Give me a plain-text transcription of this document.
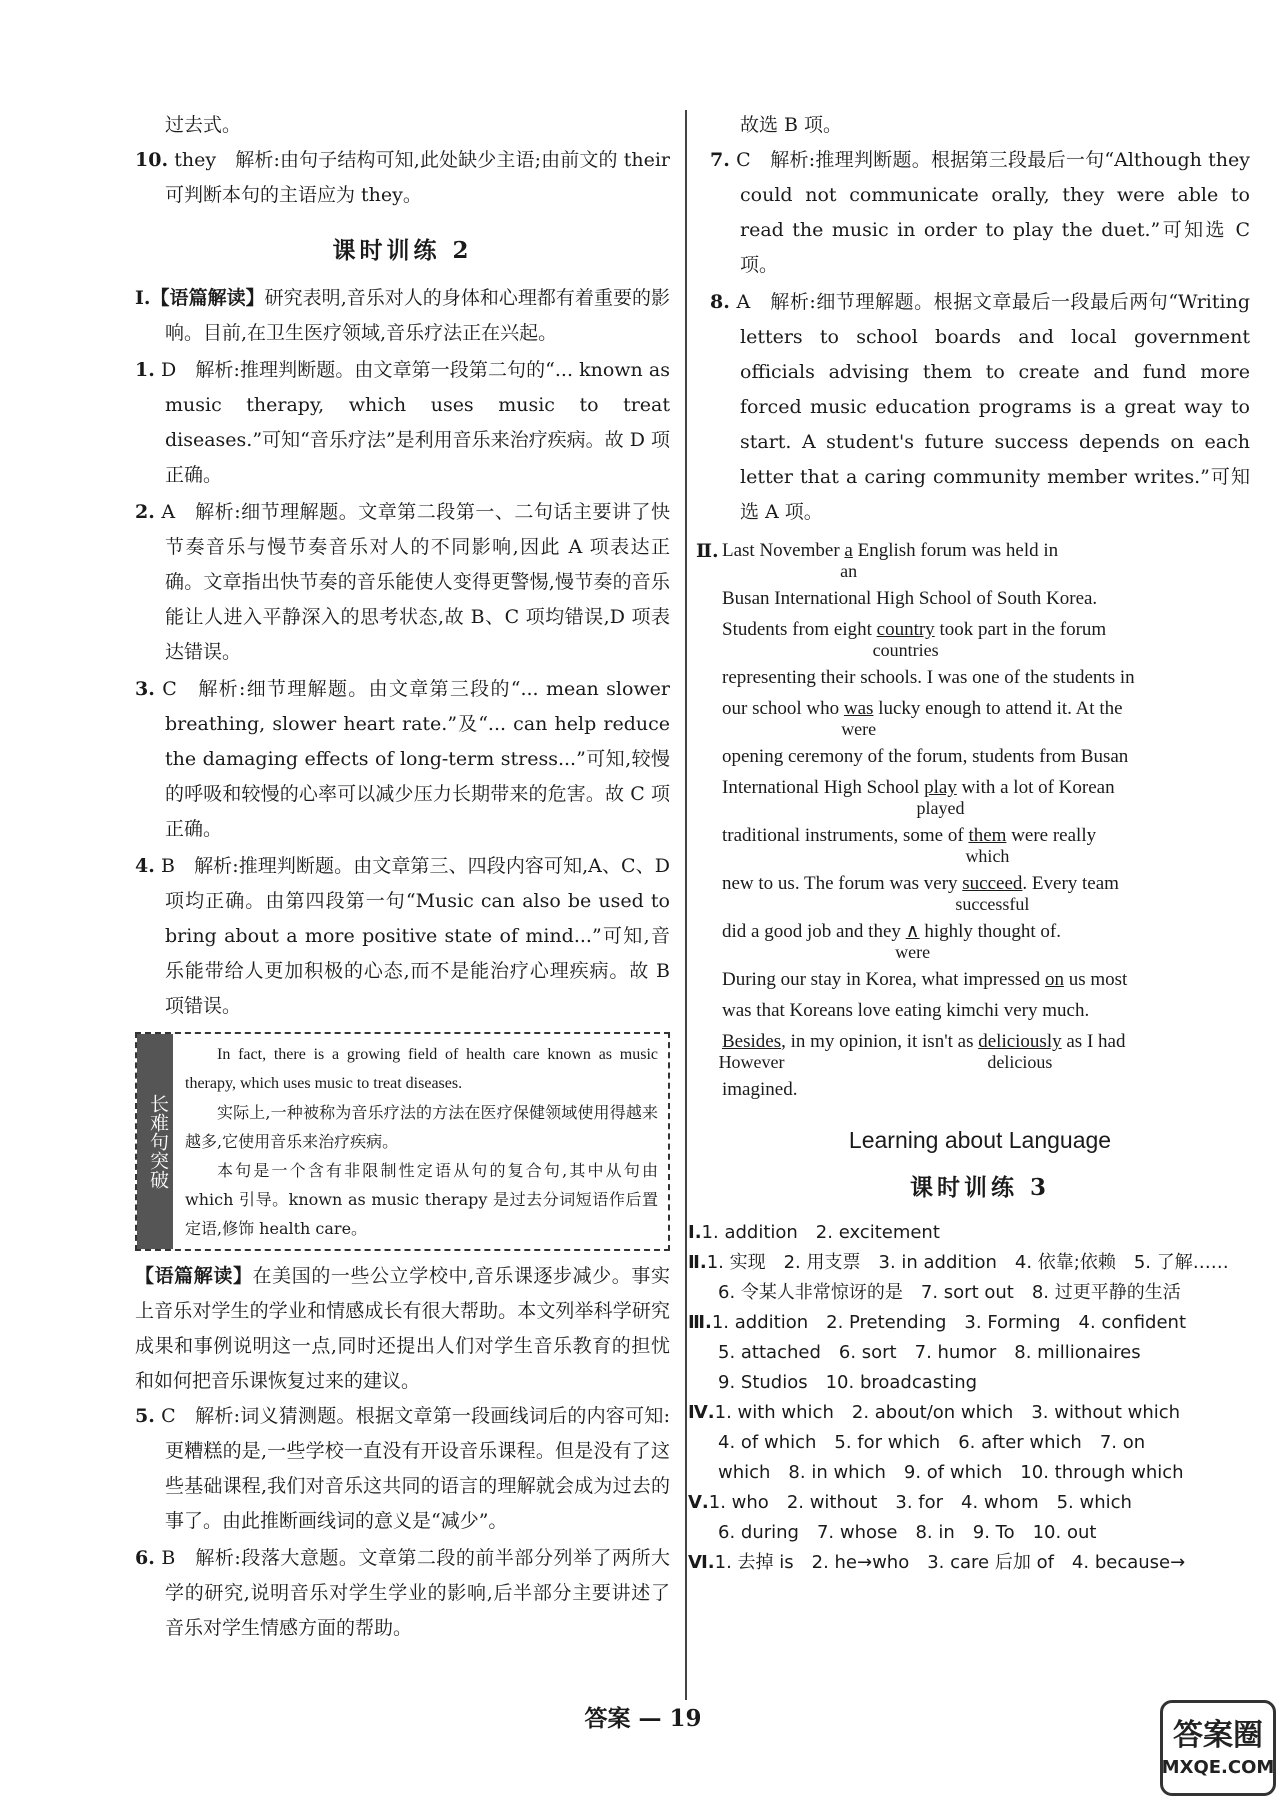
过去式。

10. they　解析:由句子结构可知,此处缺少主语;由前文的 their 可判断本句的主语应为 they。

课时训练 2

Ⅰ.【语篇解读】研究表明,音乐对人的身体和心理都有着重要的影响。目前,在卫生医疗领域,音乐疗法正在兴起。

1. D　解析:推理判断题。由文章第一段第二句的“... known as music therapy, which uses music to treat diseases.”可知“音乐疗法”是利用音乐来治疗疾病。故 D 项正确。

2. A　解析:细节理解题。文章第二段第一、二句话主要讲了快节奏音乐与慢节奏音乐对人的不同影响,因此 A 项表达正确。文章指出快节奏的音乐能使人变得更警惕,慢节奏的音乐能让人进入平静深入的思考状态,故 B、C 项均错误,D 项表达错误。

3. C　解析:细节理解题。由文章第三段的“... mean slower breathing, slower heart rate.”及“... can help reduce the damaging effects of long-term stress...”可知,较慢的呼吸和较慢的心率可以减少压力长期带来的危害。故 C 项正确。

4. B　解析:推理判断题。由文章第三、四段内容可知,A、C、D 项均正确。由第四段第一句“Music can also be used to bring about a more positive state of mind...”可知,音乐能带给人更加积极的心态,而不是能治疗心理疾病。故 B 项错误。

长难句突破

In fact, there is a growing field of health care known as music therapy, which uses music to treat diseases.

实际上,一种被称为音乐疗法的方法在医疗保健领域使用得越来越多,它使用音乐来治疗疾病。

本句是一个含有非限制性定语从句的复合句,其中从句由 which 引导。known as music therapy 是过去分词短语作后置定语,修饰 health care。

【语篇解读】在美国的一些公立学校中,音乐课逐步减少。事实上音乐对学生的学业和情感成长有很大帮助。本文列举科学研究成果和事例说明这一点,同时还提出人们对学生音乐教育的担忧和如何把音乐课恢复过来的建议。

5. C　解析:词义猜测题。根据文章第一段画线词后的内容可知:更糟糕的是,一些学校一直没有开设音乐课程。但是没有了这些基础课程,我们对音乐这共同的语言的理解就会成为过去的事了。由此推断画线词的意义是“减少”。

6. B　解析:段落大意题。文章第二段的前半部分列举了两所大学的研究,说明音乐对学生学业的影响,后半部分主要讲述了音乐对学生情感方面的帮助。

故选 B 项。

7. C　解析:推理判断题。根据第三段最后一句“Although they could not communicate orally, they were able to read the music in order to play the duet.”可知选 C 项。

8. A　解析:细节理解题。根据文章最后一段最后两句“Writing letters to school boards and local government officials advising them to create and fund more forced music education programs is a great way to start. A student's future success depends on each letter that a caring community member writes.”可知选 A 项。

Ⅱ. Last November a English forum was held in
an
Busan International High School of South Korea.
Students from eight country took part in the forum
countries
representing their schools. I was one of the students in
our school who was lucky enough to attend it. At the
were
opening ceremony of the forum, students from Busan
International High School play with a lot of Korean
played
traditional instruments, some of them were really
which
new to us. The forum was very succeed. Every team
successful
did a good job and they ∧ highly thought of.
were
During our stay in Korea, what impressed on us most
was that Koreans love eating kimchi very much.
Besides, in my opinion, it isn't as deliciously as I had
However	delicious
imagined.
Learning about Language
课时训练 3
Ⅰ.1. addition　2. excitement
Ⅱ.1. 实现　2. 用支票　3. in addition　4. 依靠;依赖　5. 了解……
6. 令某人非常惊讶的是　7. sort out　8. 过更平静的生活
Ⅲ.1. addition　2. Pretending　3. Forming　4. confident
5. attached　6. sort　7. humor　8. millionaires
9. Studios　10. broadcasting
Ⅳ.1. with which　2. about/on which　3. without which
4. of which　5. for which　6. after which　7. on
which　8. in which　9. of which　10. through which
Ⅴ.1. who　2. without　3. for　4. whom　5. which
6. during　7. whose　8. in　9. To　10. out
Ⅵ.1. 去掉 is　2. he→who　3. care 后加 of　4. because→
答案 — 19	答案圈
MXQE.COM
